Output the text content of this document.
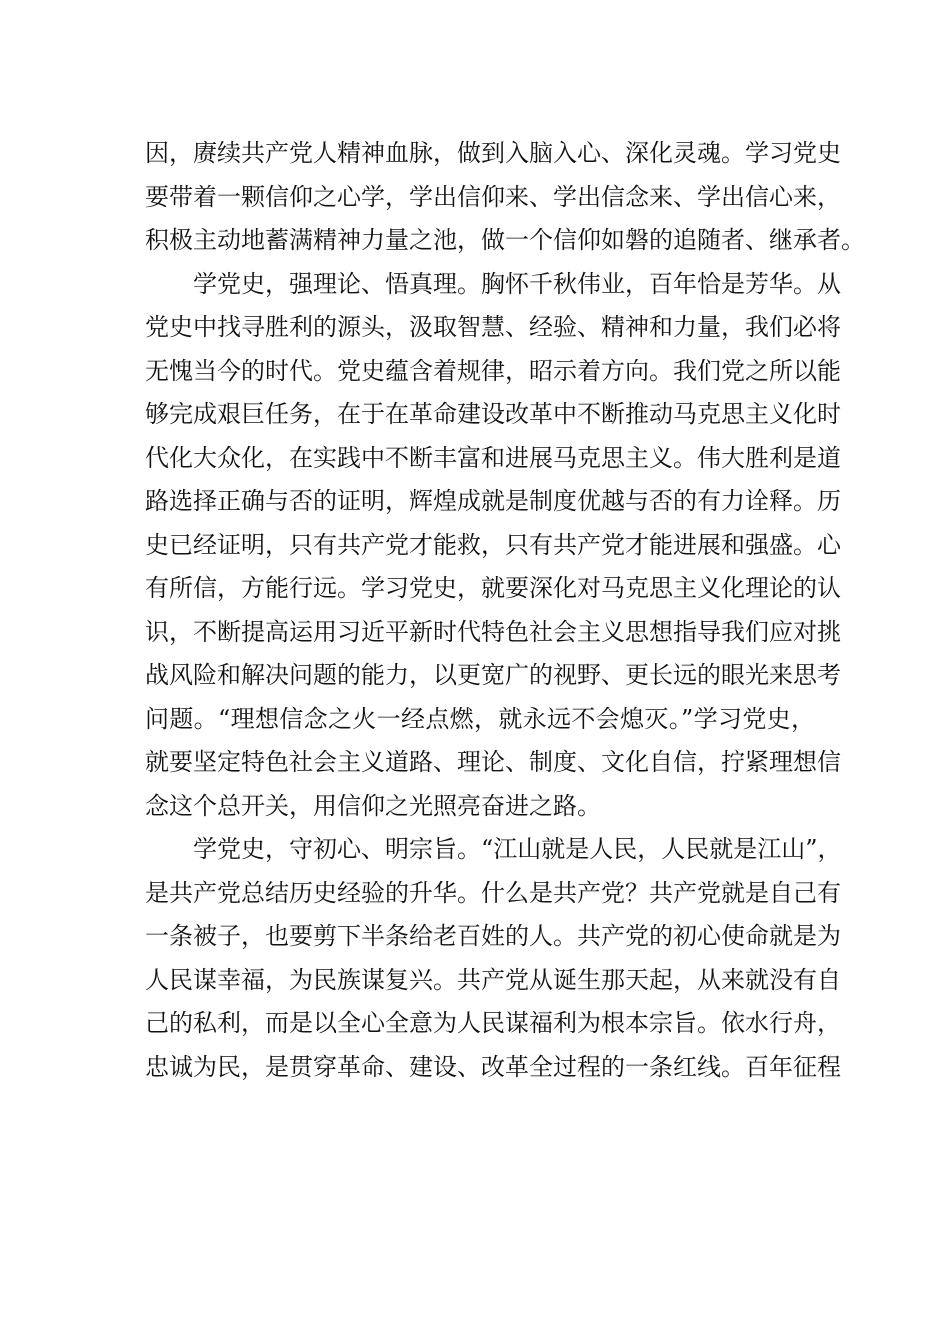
因，赓续共产党人精神血脉，做到入脑入心、深化灵魂。学习党史
要带着一颗信仰之心学，学出信仰来、学出信念来、学出信心来，
积极主动地蓄满精神力量之池，做一个信仰如磐的追随者、继承者。
学党史，强理论、悟真理。胸怀千秋伟业，百年恰是芳华。从
党史中找寻胜利的源头，汲取智慧、经验、精神和力量，我们必将
无愧当今的时代。党史蕴含着规律，昭示着方向。我们党之所以能
够完成艰巨任务，在于在革命建设改革中不断推动马克思主义化时
代化大众化，在实践中不断丰富和进展马克思主义。伟大胜利是道
路选择正确与否的证明，辉煌成就是制度优越与否的有力诠释。历
史已经证明，只有共产党才能救，只有共产党才能进展和强盛。心
有所信，方能行远。学习党史，就要深化对马克思主义化理论的认
识，不断提高运用习近平新时代特色社会主义思想指导我们应对挑
战风险和解决问题的能力，以更宽广的视野、更长远的眼光来思考
问题。“理想信念之火一经点燃，就永远不会熄灭。”学习党史，
就要坚定特色社会主义道路、理论、制度、文化自信，拧紧理想信
念这个总开关，用信仰之光照亮奋进之路。
学党史，守初心、明宗旨。“江山就是人民，人民就是江山”，
是共产党总结历史经验的升华。什么是共产党？共产党就是自己有
一条被子，也要剪下半条给老百姓的人。共产党的初心使命就是为
人民谋幸福，为民族谋复兴。共产党从诞生那天起，从来就没有自
己的私利，而是以全心全意为人民谋福利为根本宗旨。依水行舟，
忠诚为民，是贯穿革命、建设、改革全过程的一条红线。百年征程
